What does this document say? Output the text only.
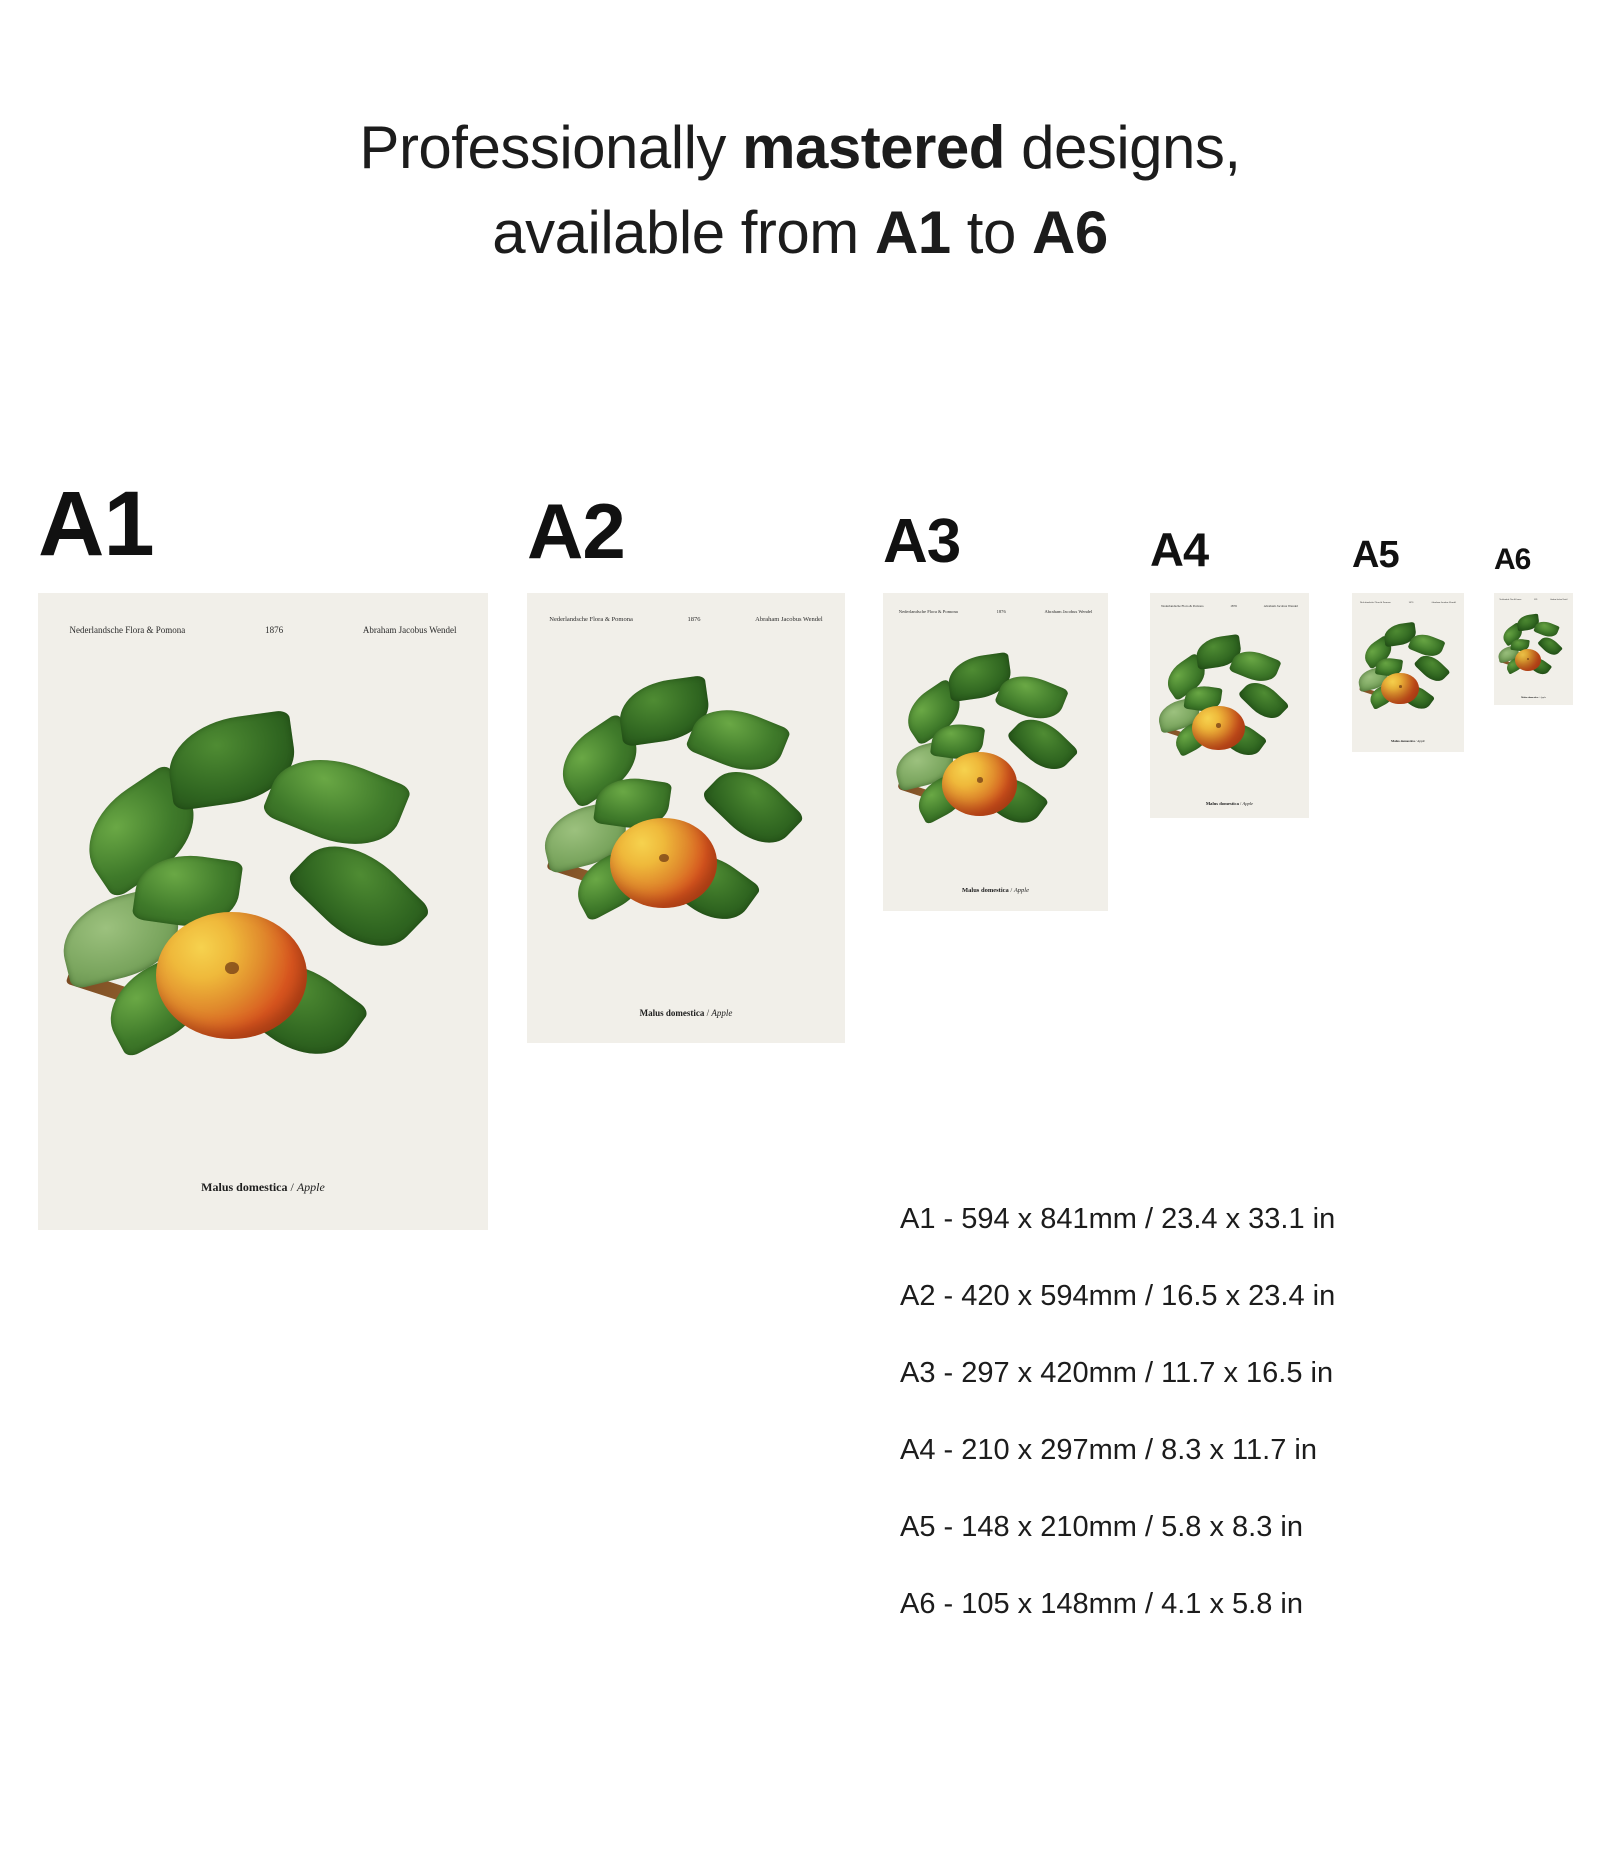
Professionally mastered designs,
available from A1 to A6
A1
Nederlandsche Flora & Pomona	1876	Abraham Jacobus Wendel
Malus domestica / Apple
A2
Nederlandsche Flora & Pomona	1876	Abraham Jacobus Wendel
Malus domestica / Apple
A3
Nederlandsche Flora & Pomona	1876	Abraham Jacobus Wendel
Malus domestica / Apple
A4
Nederlandsche Flora & Pomona	1876	Abraham Jacobus Wendel
Malus domestica / Apple
A5
Nederlandsche Flora & Pomona	1876	Abraham Jacobus Wendel
Malus domestica / Apple
A6
Nederlandsche Flora & Pomona	1876	Abraham Jacobus Wendel
Malus domestica / Apple
A1 - 594 x 841mm / 23.4 x 33.1 in
A2 - 420 x 594mm / 16.5 x 23.4 in
A3 - 297 x 420mm / 11.7 x 16.5 in
A4 - 210 x 297mm / 8.3 x 11.7 in
A5 - 148 x 210mm / 5.8 x 8.3 in
A6 - 105 x 148mm / 4.1 x 5.8 in
